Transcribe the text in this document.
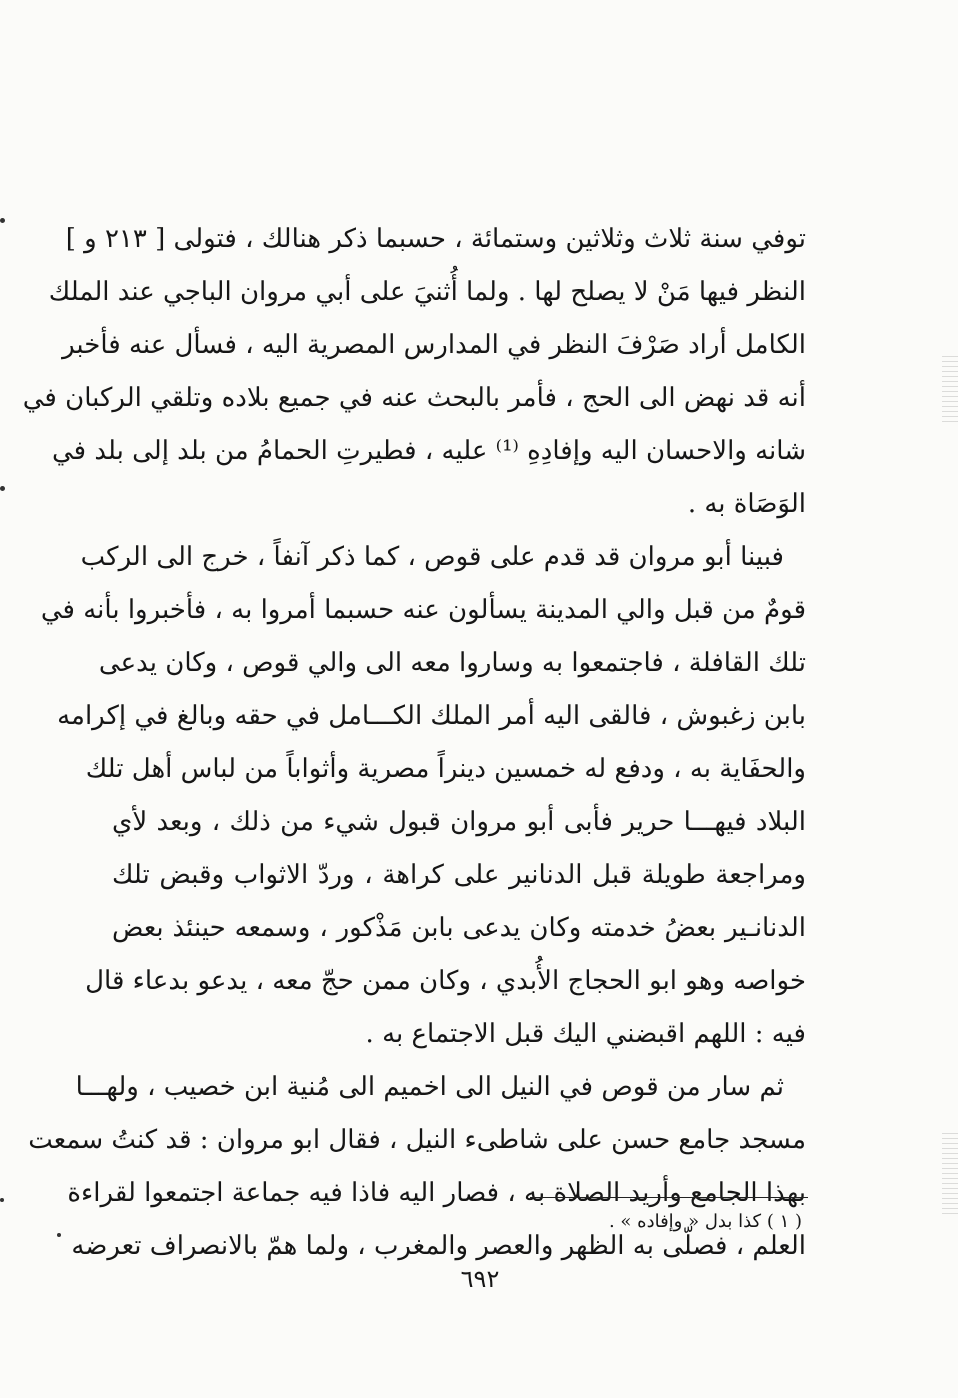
توفي سنة ثلاث وثلاثين وستمائة ، حسبما ذكر هنالك ، فتولى [ ٢١٣ و ]
النظر فيها مَنْ لا يصلح لها . ولما أُثنيَ على أبي مروان الباجي عند الملك
الكامل أراد صَرْفَ النظر في المدارس المصرية اليه ، فسأل عنه فأخبر
أنه قد نهض الى الحج ، فأمر بالبحث عنه في جميع بلاده وتلقي الركبان في
شانه والاحسان اليه وإفادِهِ ⁽¹⁾ عليه ، فطيرتِ الحمامُ من بلد إلى بلد في
الوَصَاة به .
فبينا أبو مروان قد قدم على قوص ، كما ذكر آنفاً ، خرج الى الركب
قومٌ من قبل والي المدينة يسألون عنه حسبما أمروا به ، فأخبروا بأنه في
تلك القافلة ، فاجتمعوا به وساروا معه الى والي قوص ، وكان يدعى
بابن زغبوش ، فالقى اليه أمر الملك الكـــامل في حقه وبالغ في إكرامه
والحفَاية به ، ودفع له خمسين دينراً مصرية وأثواباً من لباس أهل تلك
البلاد فيهـــا حرير فأبى أبو مروان قبول شيء من ذلك ، وبعد لأي
ومراجعة طويلة قبل الدنانير على كراهة ، وردّ الاثواب وقبض تلك
الدنانـير بعضُ خدمته وكان يدعى بابن مَذْكور ، وسمعه حينئذ بعض
خواصه وهو ابو الحجاج الأُبدي ، وكان ممن حجّ معه ، يدعو بدعاء قال
فيه : اللهم اقبضني اليك قبل الاجتماع به .
ثم سار من قوص في النيل الى اخميم الى مُنية ابن خصيب ، ولهـــا
مسجد جامع حسن على شاطىء النيل ، فقال ابو مروان : قد كنتُ سمعت
بهذا الجامع وأريد الصلاة به ، فصار اليه فاذا فيه جماعة اجتمعوا لقراءة
العلم ، فصلّى به الظهر والعصر والمغرب ، ولما همّ بالانصراف تعرضه
( ١ ) كذا بدل « وإفاده » .
٦٩٢
